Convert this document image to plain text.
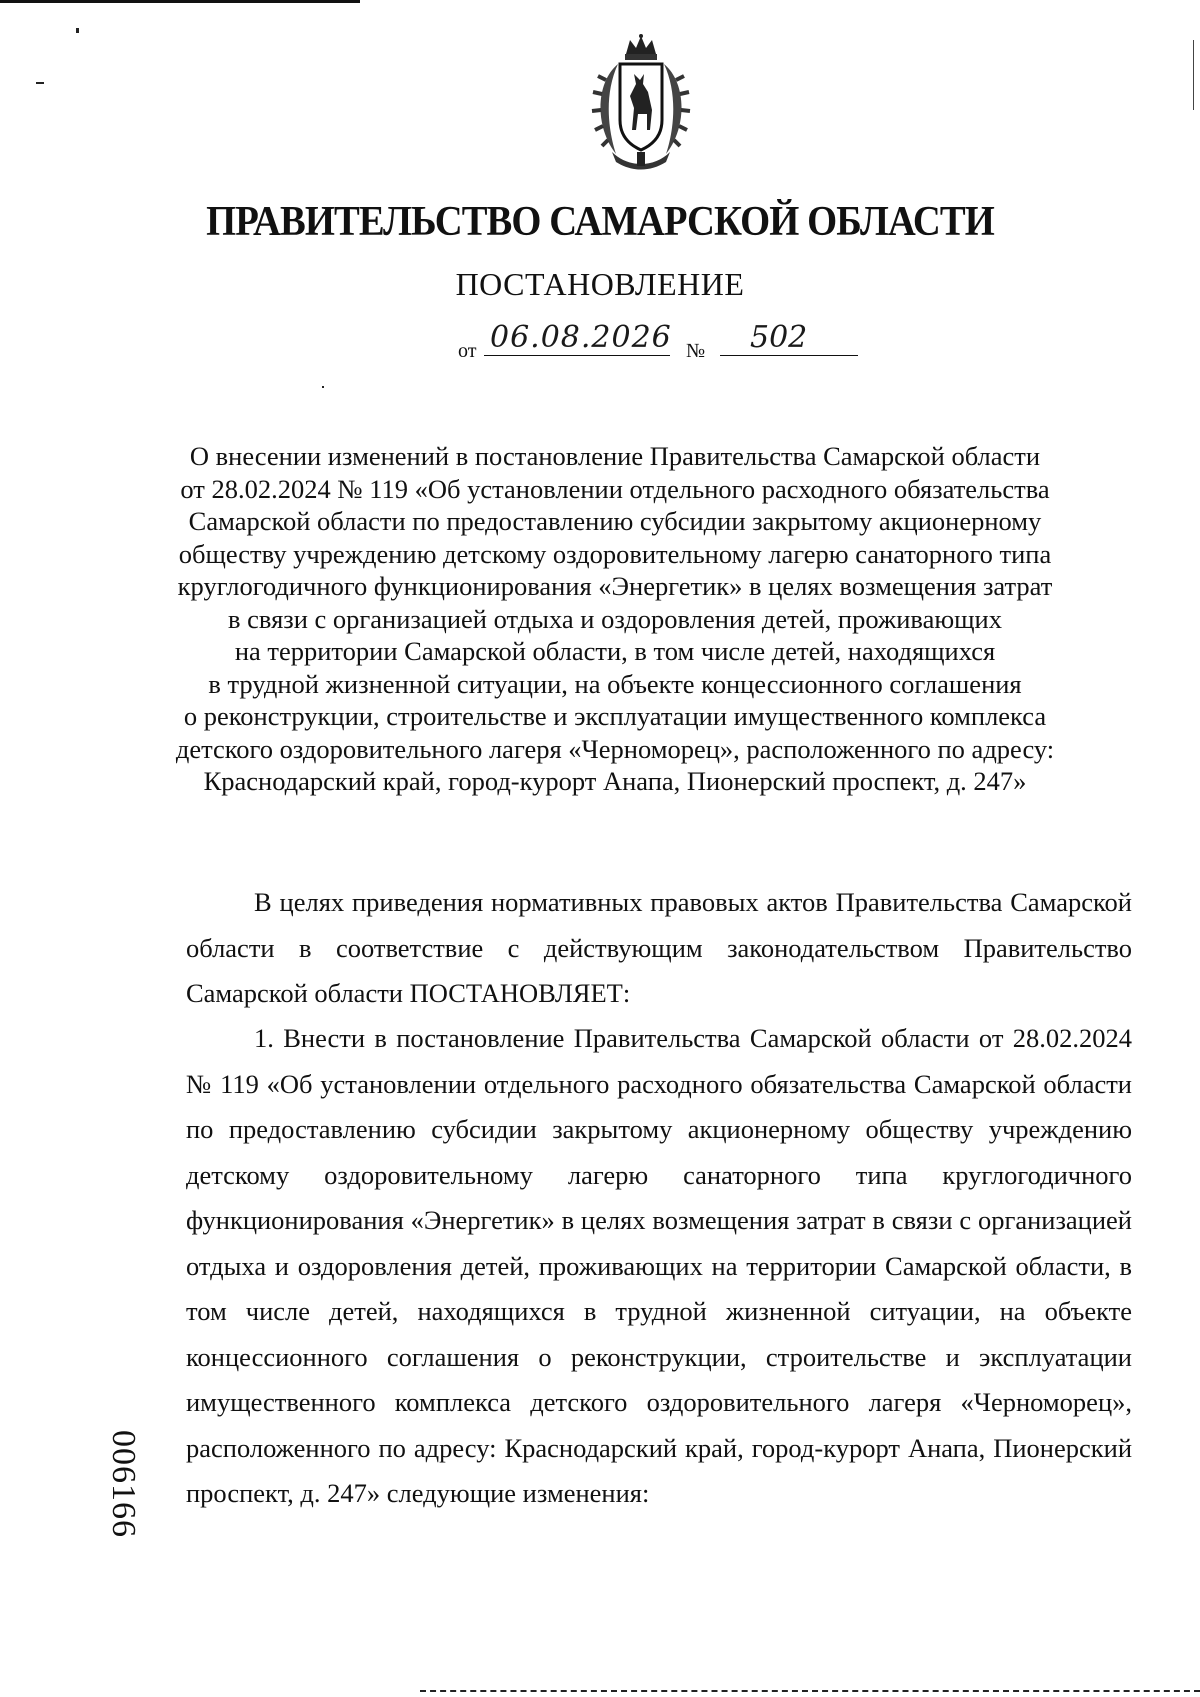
ПРАВИТЕЛЬСТВО САМАРСКОЙ ОБЛАСТИ
ПОСТАНОВЛЕНИЕ
от 06.08.2026 №	502
О внесении изменений в постановление Правительства Самарской области
от 28.02.2024 № 119 «Об установлении отдельного расходного обязательства
Самарской области по предоставлению субсидии закрытому акционерному
обществу учреждению детскому оздоровительному лагерю санаторного типа
круглогодичного функционирования «Энергетик» в целях возмещения затрат
в связи с организацией отдыха и оздоровления детей, проживающих
на территории Самарской области, в том числе детей, находящихся
в трудной жизненной ситуации, на объекте концессионного соглашения
о реконструкции, строительстве и эксплуатации имущественного комплекса
детского оздоровительного лагеря «Черноморец», расположенного по адресу:
Краснодарский край, город-курорт Анапа, Пионерский проспект, д. 247»
В целях приведения нормативных правовых актов Правительства Самарской области в соответствие с действующим законодательством Правительство Самарской области ПОСТАНОВЛЯЕТ:
1. Внести в постановление Правительства Самарской области от 28.02.2024 № 119 «Об установлении отдельного расходного обязательства Самарской области по предоставлению субсидии закрытому акционерному обществу учреждению детскому оздоровительному лагерю санаторного типа круглогодичного функционирования «Энергетик» в целях возмещения затрат в связи с организацией отдыха и оздоровления детей, проживающих на территории Самарской области, в том числе детей, находящихся в трудной жизненной ситуации, на объекте концессионного соглашения о реконструкции, строительстве и эксплуатации имущественного комплекса детского оздоровительного лагеря «Черноморец», расположенного по адресу: Краснодарский край, город-курорт Анапа, Пионерский проспект, д. 247» следующие изменения:
006166
